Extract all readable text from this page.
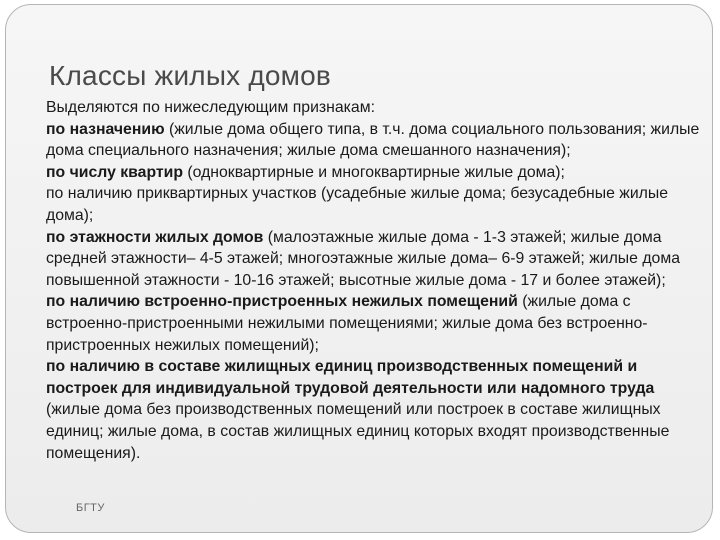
Классы жилых домов

Выделяются по нижеследующим признакам:

по назначению (жилые дома общего типа, в т.ч. дома социального пользования; жилые дома специального назначения; жилые дома смешанного назначения);

по числу квартир (одноквартирные и многоквартирные жилые дома);

по наличию приквартирных участков (усадебные жилые дома; безусадебные жилые дома);

по этажности жилых домов (малоэтажные жилые дома - 1-3 этажей; жилые дома средней этажности– 4-5 этажей; многоэтажные жилые дома– 6-9 этажей; жилые дома повышенной этажности - 10-16 этажей; высотные жилые дома - 17 и более этажей);

по наличию встроенно-пристроенных нежилых помещений (жилые дома с встроенно-пристроенными нежилыми помещениями; жилые дома без встроенно-пристроенных нежилых помещений);

по наличию в составе жилищных единиц производственных помещений и построек для индивидуальной трудовой деятельности или надомного труда (жилые дома без производственных помещений или построек в составе жилищных единиц; жилые дома, в состав жилищных единиц которых входят производственные помещения).

БГТУ
